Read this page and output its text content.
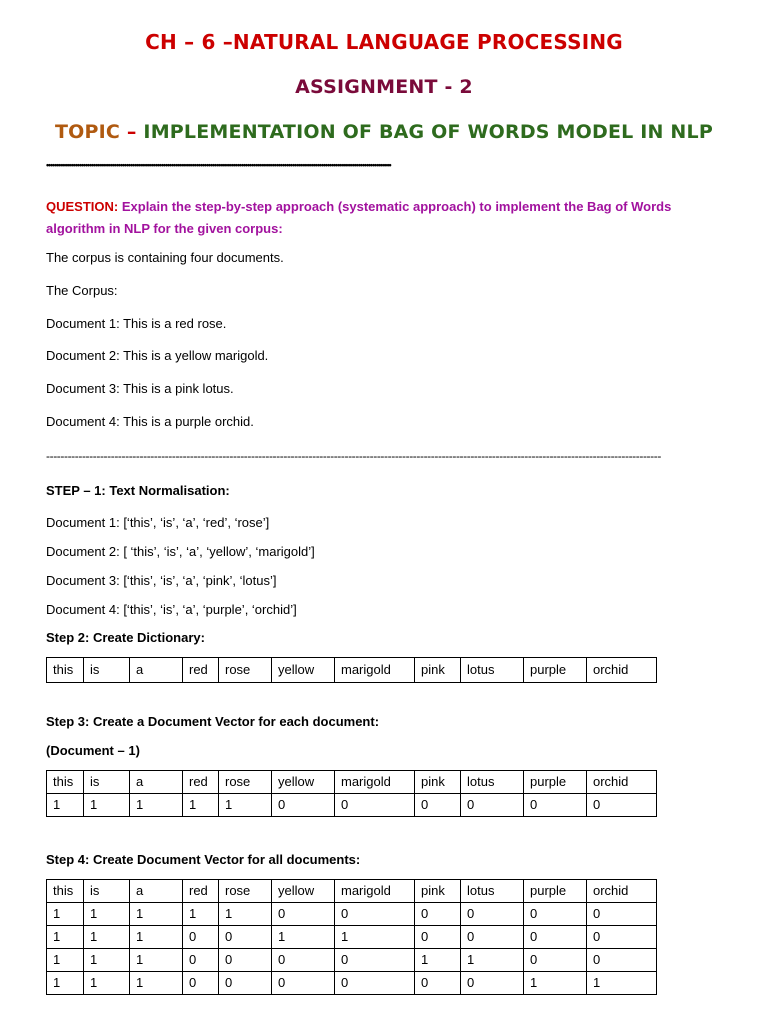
CH – 6 –NATURAL LANGUAGE PROCESSING
ASSIGNMENT - 2
TOPIC – IMPLEMENTATION OF BAG OF WORDS MODEL IN NLP
••••••••••••••••••••••••••••••••••••••••••••••••••••••••••••••••••••••••••••••••••••••••••••••••••••••••••••••••••••••••••••••••••••••••••••••••••••••••••••••••••••••••
QUESTION: Explain the step-by-step approach (systematic approach) to implement the Bag of Words algorithm in NLP for the given corpus:
The corpus is containing four documents.
The Corpus:
Document 1: This is a red rose.
Document 2: This is a yellow marigold.
Document 3: This is a pink lotus.
Document 4: This is a purple orchid.
---------------------------------------------------------------------------------------------------------------------------------------------------------------------------
STEP – 1: Text Normalisation:
Document 1: [‘this’, ‘is’, ‘a’, ‘red’, ‘rose’]
Document 2: [ ‘this’, ‘is’, ‘a’, ‘yellow’, ‘marigold’]
Document 3: [‘this’, ‘is’, ‘a’, ‘pink’, ‘lotus’]
Document 4: [‘this’, ‘is’, ‘a’, ‘purple’, ‘orchid’]
Step 2: Create Dictionary:
this	is	a	red	rose	yellow	marigold	pink	lotus	purple	orchid
Step 3: Create a Document Vector for each document:
(Document – 1)
this	is	a	red	rose	yellow	marigold	pink	lotus	purple	orchid
1	1	1	1	1	0	0	0	0	0	0
Step 4: Create Document Vector for all documents:
this	is	a	red	rose	yellow	marigold	pink	lotus	purple	orchid
1	1	1	1	1	0	0	0	0	0	0
1	1	1	0	0	1	1	0	0	0	0
1	1	1	0	0	0	0	1	1	0	0
1	1	1	0	0	0	0	0	0	1	1
